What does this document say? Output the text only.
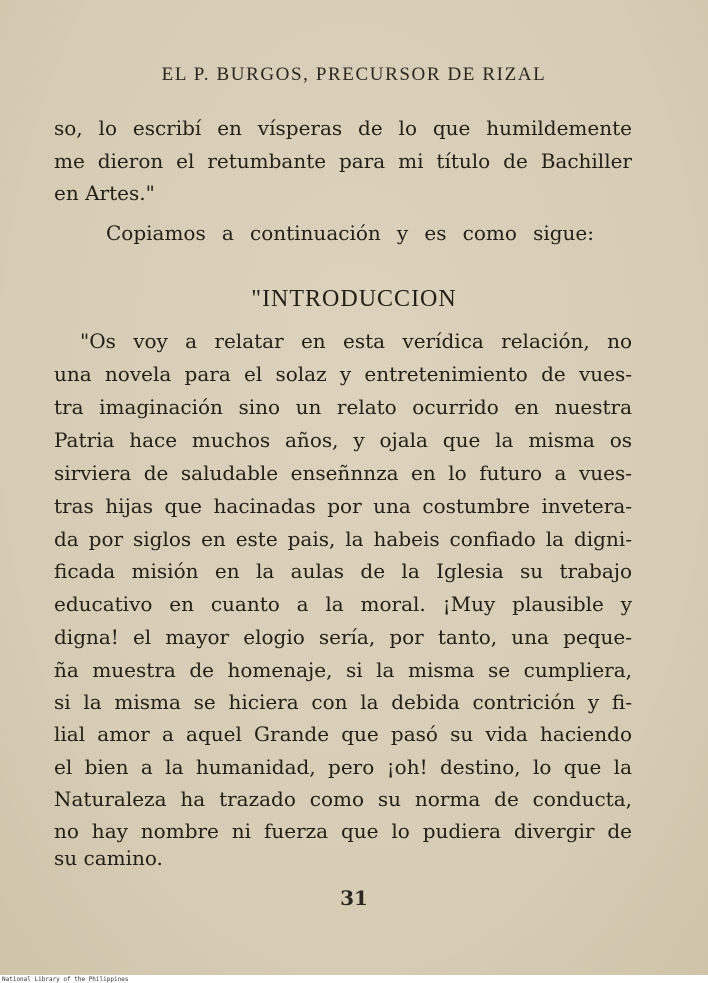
EL P. BURGOS, PRECURSOR DE RIZAL
so, lo escribí en vísperas de lo que humildemente
me dieron el retumbante para mi título de Bachiller
en Artes."
Copiamos a continuación y es como sigue:
"INTRODUCCION
"Os voy a relatar en esta verídica relación, no
una novela para el solaz y entretenimiento de vues-
tra imaginación sino un relato ocurrido en nuestra
Patria hace muchos años, y ojala que la misma os
sirviera de saludable enseñnnza en lo futuro a vues-
tras hijas que hacinadas por una costumbre invetera-
da por siglos en este pais, la habeis confiado la digni-
ficada misión en la aulas de la Iglesia su trabajo
educativo en cuanto a la moral. ¡Muy plausible y
digna! el mayor elogio sería, por tanto, una peque-
ña muestra de homenaje, si la misma se cumpliera,
si la misma se hiciera con la debida contrición y fi-
lial amor a aquel Grande que pasó su vida haciendo
el bien a la humanidad, pero ¡oh! destino, lo que la
Naturaleza ha trazado como su norma de conducta,
no hay nombre ni fuerza que lo pudiera divergir de
su camino.
31
National Library of the Philippines
